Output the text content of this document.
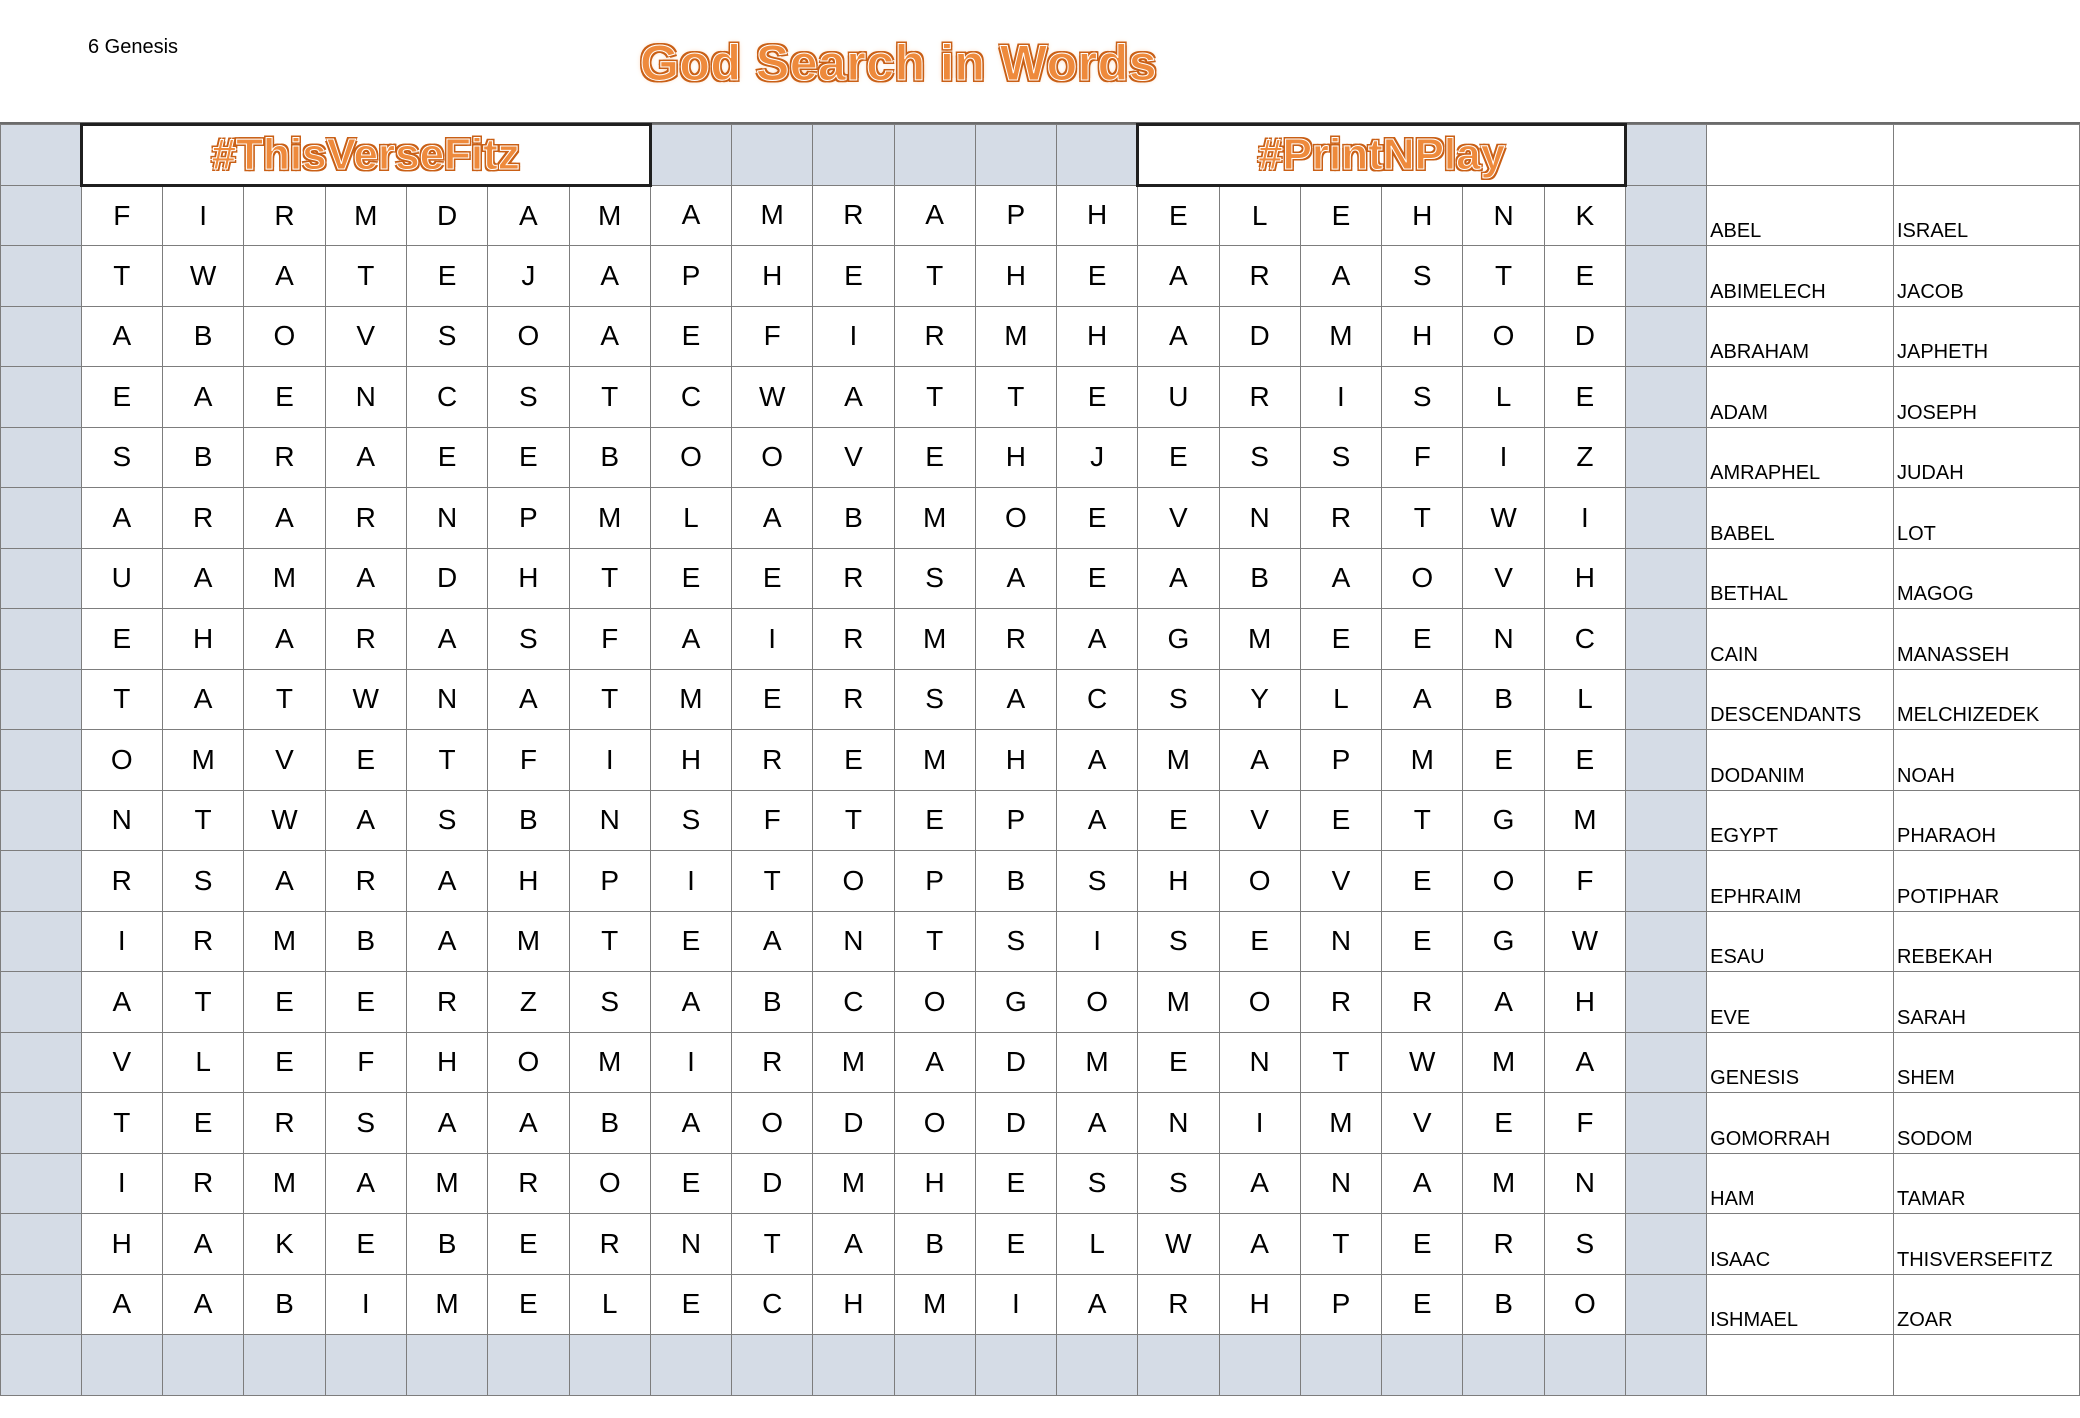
6 Genesis	God Search in Words
	#ThisVerseFitz													#PrintNPlay								
	F	I	R	M	D	A	M	A	M	R	A	P	H	E	L	E	H	N	K		ABEL	ISRAEL
	T	W	A	T	E	J	A	P	H	E	T	H	E	A	R	A	S	T	E		ABIMELECH	JACOB
	A	B	O	V	S	O	A	E	F	I	R	M	H	A	D	M	H	O	D		ABRAHAM	JAPHETH
	E	A	E	N	C	S	T	C	W	A	T	T	E	U	R	I	S	L	E		ADAM	JOSEPH
	S	B	R	A	E	E	B	O	O	V	E	H	J	E	S	S	F	I	Z		AMRAPHEL	JUDAH
	A	R	A	R	N	P	M	L	A	B	M	O	E	V	N	R	T	W	I		BABEL	LOT
	U	A	M	A	D	H	T	E	E	R	S	A	E	A	B	A	O	V	H		BETHAL	MAGOG
	E	H	A	R	A	S	F	A	I	R	M	R	A	G	M	E	E	N	C		CAIN	MANASSEH
	T	A	T	W	N	A	T	M	E	R	S	A	C	S	Y	L	A	B	L		DESCENDANTS	MELCHIZEDEK
	O	M	V	E	T	F	I	H	R	E	M	H	A	M	A	P	M	E	E		DODANIM	NOAH
	N	T	W	A	S	B	N	S	F	T	E	P	A	E	V	E	T	G	M		EGYPT	PHARAOH
	R	S	A	R	A	H	P	I	T	O	P	B	S	H	O	V	E	O	F		EPHRAIM	POTIPHAR
	I	R	M	B	A	M	T	E	A	N	T	S	I	S	E	N	E	G	W		ESAU	REBEKAH
	A	T	E	E	R	Z	S	A	B	C	O	G	O	M	O	R	R	A	H		EVE	SARAH
	V	L	E	F	H	O	M	I	R	M	A	D	M	E	N	T	W	M	A		GENESIS	SHEM
	T	E	R	S	A	A	B	A	O	D	O	D	A	N	I	M	V	E	F		GOMORRAH	SODOM
	I	R	M	A	M	R	O	E	D	M	H	E	S	S	A	N	A	M	N		HAM	TAMAR
	H	A	K	E	B	E	R	N	T	A	B	E	L	W	A	T	E	R	S		ISAAC	THISVERSEFITZ
	A	A	B	I	M	E	L	E	C	H	M	I	A	R	H	P	E	B	O		ISHMAEL	ZOAR
